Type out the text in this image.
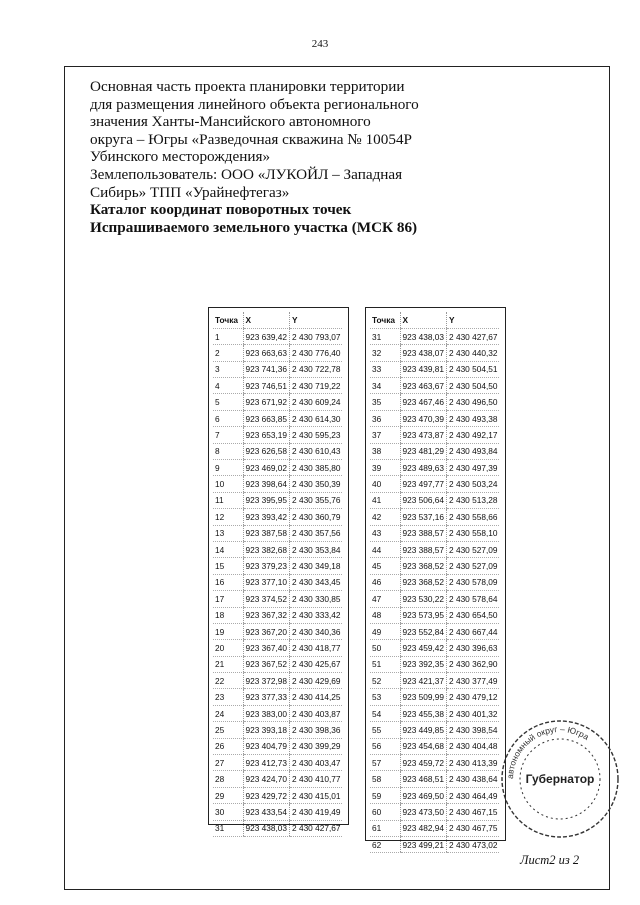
243
Основная часть проекта планировки территории
для размещения линейного объекта регионального
значения Ханты-Мансийского автономного
округа – Югры «Разведочная скважина № 10054Р
Убинского месторождения»
Землепользователь: ООО «ЛУКОЙЛ – Западная
Сибирь» ТПП «Урайнефтегаз»
Каталог координат поворотных точек
Испрашиваемого земельного участка (МСК 86)
Точка	X	Y
1	923 639,42	2 430 793,07
2	923 663,63	2 430 776,40
3	923 741,36	2 430 722,78
4	923 746,51	2 430 719,22
5	923 671,92	2 430 609,24
6	923 663,85	2 430 614,30
7	923 653,19	2 430 595,23
8	923 626,58	2 430 610,43
9	923 469,02	2 430 385,80
10	923 398,64	2 430 350,39
11	923 395,95	2 430 355,76
12	923 393,42	2 430 360,79
13	923 387,58	2 430 357,56
14	923 382,68	2 430 353,84
15	923 379,23	2 430 349,18
16	923 377,10	2 430 343,45
17	923 374,52	2 430 330,85
18	923 367,32	2 430 333,42
19	923 367,20	2 430 340,36
20	923 367,40	2 430 418,77
21	923 367,52	2 430 425,67
22	923 372,98	2 430 429,69
23	923 377,33	2 430 414,25
24	923 383,00	2 430 403,87
25	923 393,18	2 430 398,36
26	923 404,79	2 430 399,29
27	923 412,73	2 430 403,47
28	923 424,70	2 430 410,77
29	923 429,72	2 430 415,01
30	923 433,54	2 430 419,49
31	923 438,03	2 430 427,67
Точка	X	Y
31	923 438,03	2 430 427,67
32	923 438,07	2 430 440,32
33	923 439,81	2 430 504,51
34	923 463,67	2 430 504,50
35	923 467,46	2 430 496,50
36	923 470,39	2 430 493,38
37	923 473,87	2 430 492,17
38	923 481,29	2 430 493,84
39	923 489,63	2 430 497,39
40	923 497,77	2 430 503,24
41	923 506,64	2 430 513,28
42	923 537,16	2 430 558,66
43	923 388,57	2 430 558,10
44	923 388,57	2 430 527,09
45	923 368,52	2 430 527,09
46	923 368,52	2 430 578,09
47	923 530,22	2 430 578,64
48	923 573,95	2 430 654,50
49	923 552,84	2 430 667,44
50	923 459,42	2 430 396,63
51	923 392,35	2 430 362,90
52	923 421,37	2 430 377,49
53	923 509,99	2 430 479,12
54	923 455,38	2 430 401,32
55	923 449,85	2 430 398,54
56	923 454,68	2 430 404,48
57	923 459,72	2 430 413,39
58	923 468,51	2 430 438,64
59	923 469,50	2 430 464,49
60	923 473,50	2 430 467,15
61	923 482,94	2 430 467,75
62	923 499,21	2 430 473,02
автономный округ – Югра
Губернатор
Лист2 из 2
